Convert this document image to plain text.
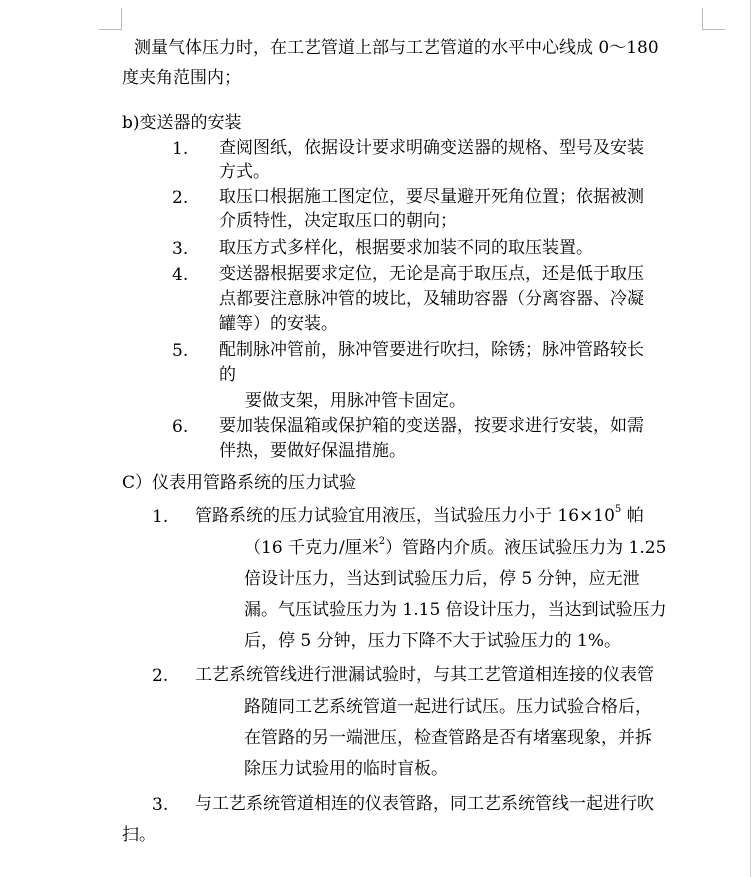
测量气体压力时，在工艺管道上部与工艺管道的水平中心线成 0～180
度夹角范围内；
b)变送器的安装
1. 查阅图纸，依据设计要求明确变送器的规格、型号及安装
方式。
2. 取压口根据施工图定位，要尽量避开死角位置；依据被测
介质特性，决定取压口的朝向；
3. 取压方式多样化，根据要求加装不同的取压装置。
4. 变送器根据要求定位，无论是高于取压点，还是低于取压
点都要注意脉冲管的坡比，及辅助容器（分离容器、冷凝
罐等）的安装。
5. 配制脉冲管前，脉冲管要进行吹扫，除锈；脉冲管路较长
的
要做支架，用脉冲管卡固定。
6. 要加装保温箱或保护箱的变送器，按要求进行安装，如需
伴热，要做好保温措施。
C）仪表用管路系统的压力试验
1. 管路系统的压力试验宜用液压，当试验压力小于 $16\times 10^5$ 帕
（16 千克力/厘米$^2$）管路内介质。液压试验压力为 1.25
倍设计压力，当达到试验压力后，停 5 分钟，应无泄
漏。气压试验压力为 1.15 倍设计压力，当达到试验压力
后，停 5 分钟，压力下降不大于试验压力的 1%。
2. 工艺系统管线进行泄漏试验时，与其工艺管道相连接的仪表管
路随同工艺系统管道一起进行试压。压力试验合格后，
在管路的另一端泄压，检查管路是否有堵塞现象，并拆
除压力试验用的临时盲板。
3. 与工艺系统管道相连的仪表管路，同工艺系统管线一起进行吹
扫。
